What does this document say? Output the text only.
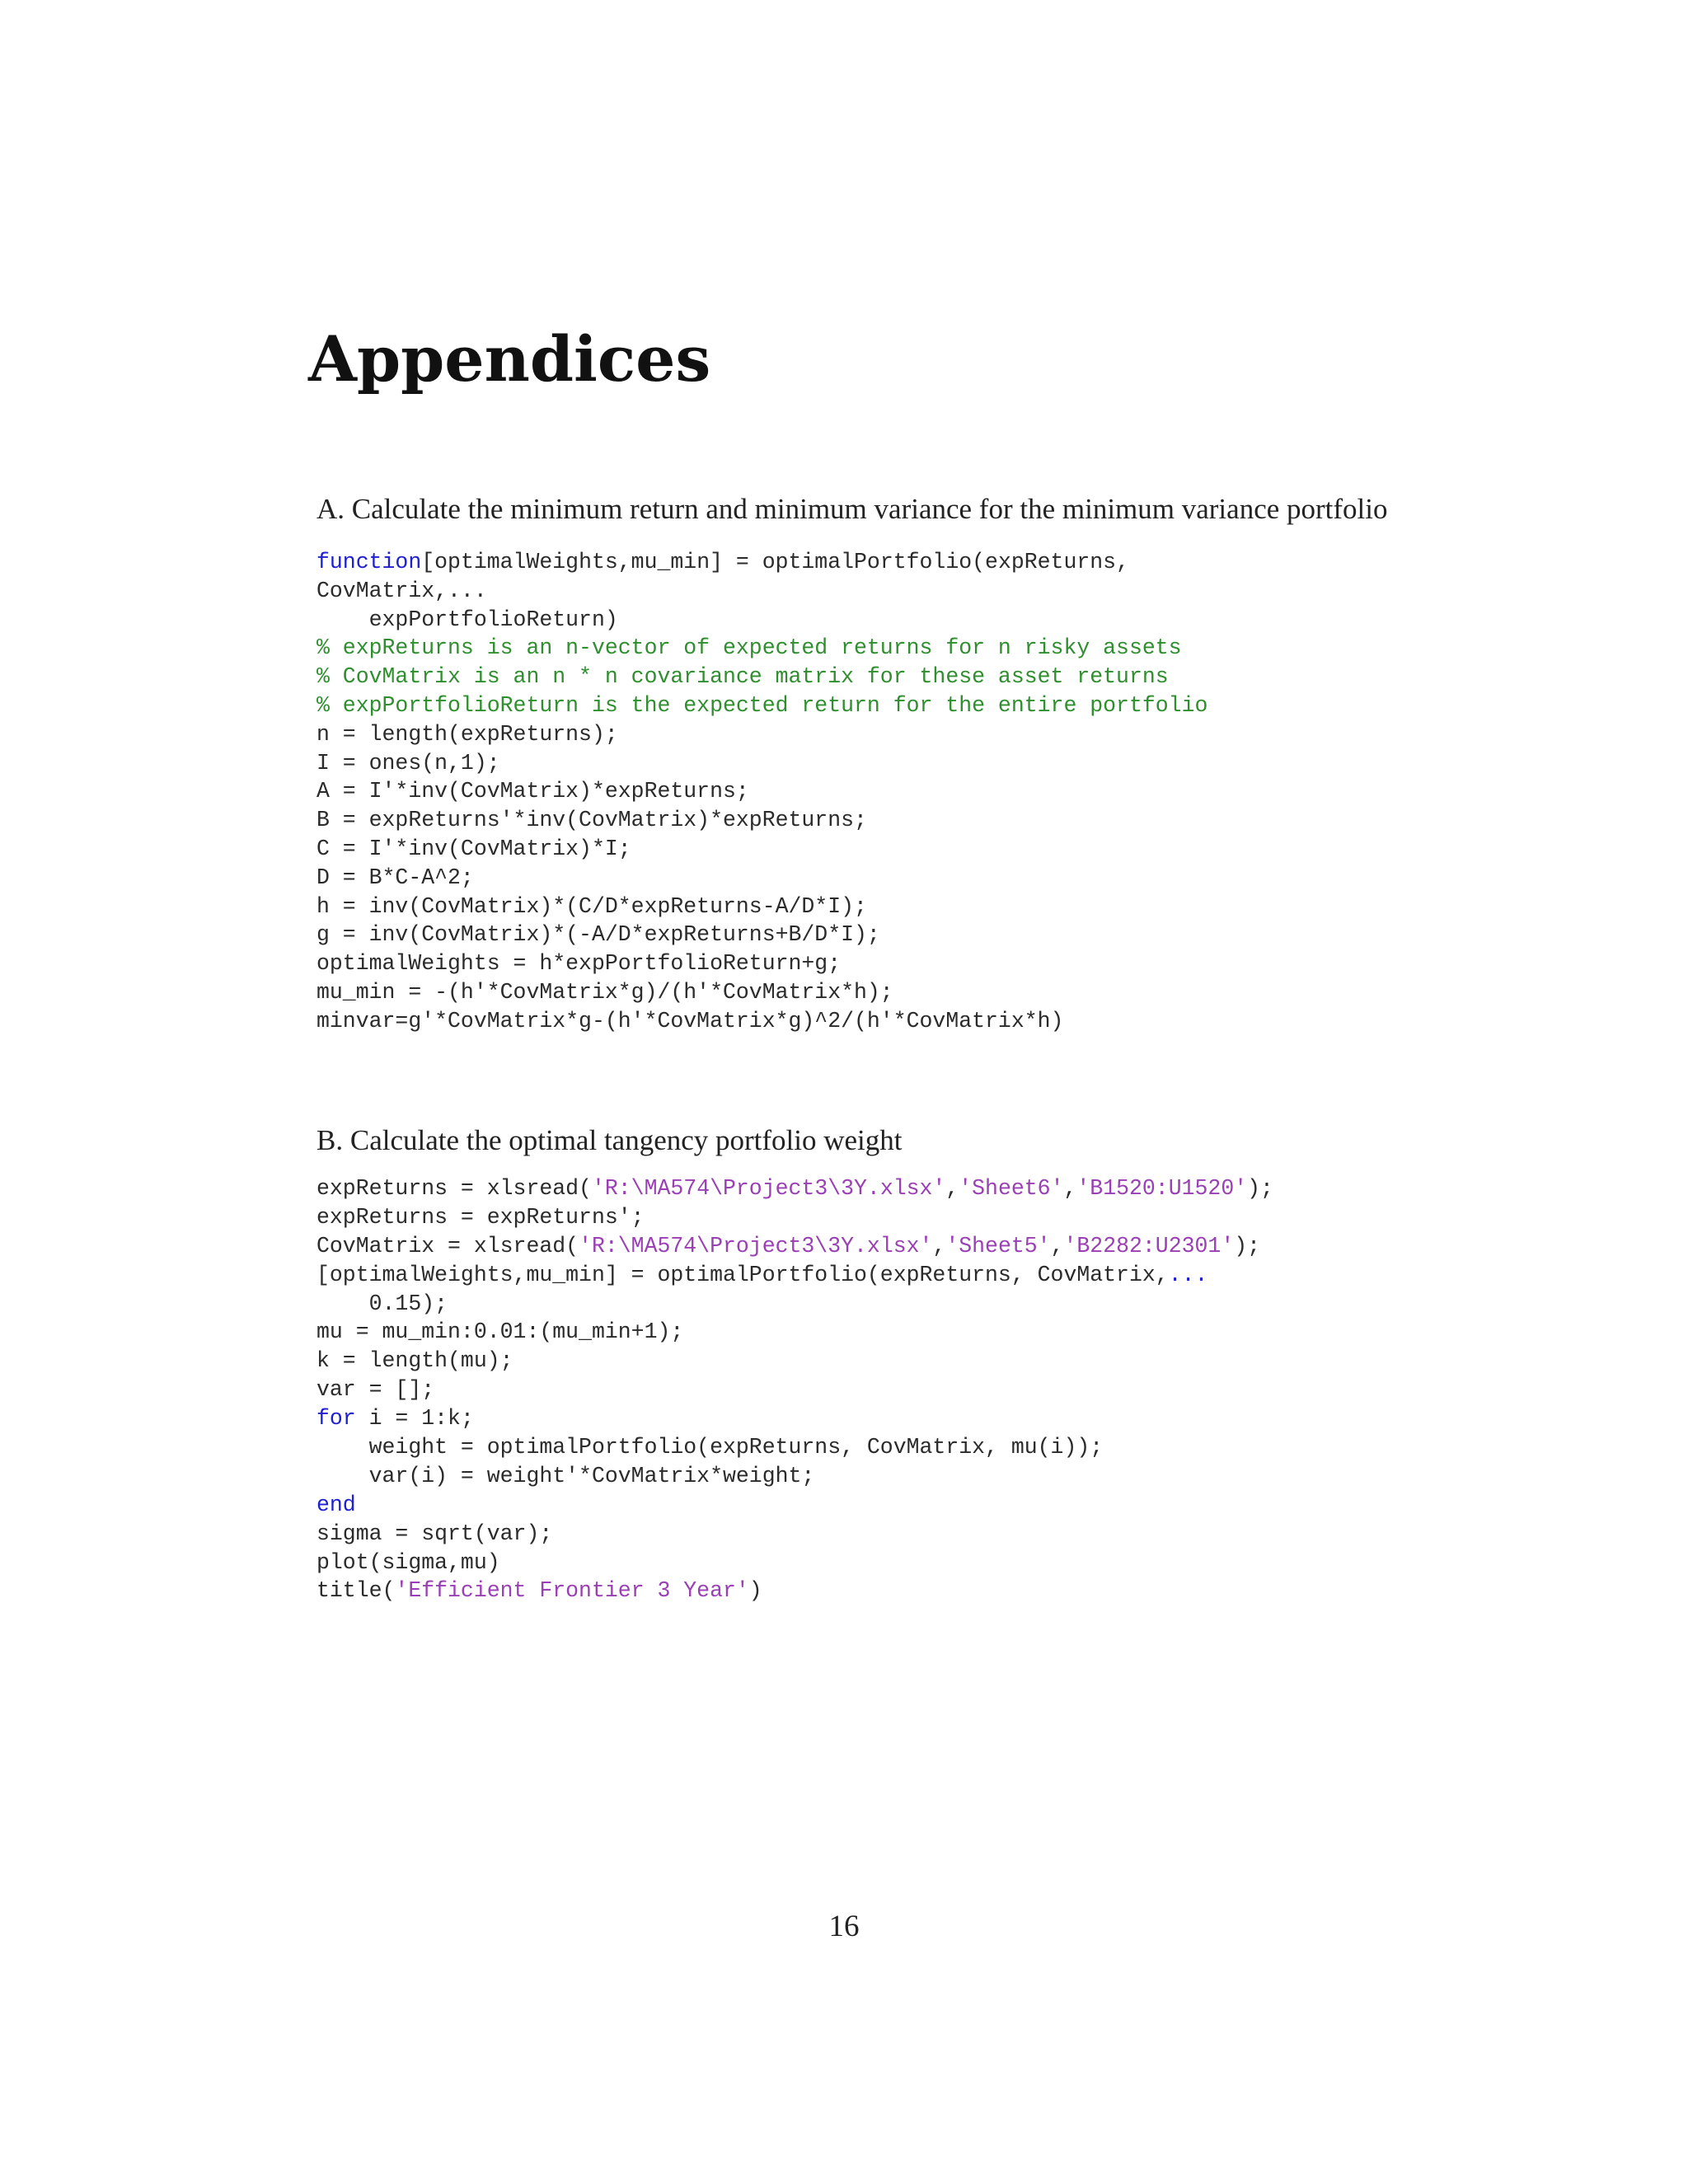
Appendices
A. Calculate the minimum return and minimum variance for the minimum variance portfolio
function[optimalWeights,mu_min] = optimalPortfolio(expReturns,
CovMatrix,...
expPortfolioReturn)
% expReturns is an n-vector of expected returns for n risky assets
% CovMatrix is an n * n covariance matrix for these asset returns
% expPortfolioReturn is the expected return for the entire portfolio
n = length(expReturns);
I = ones(n,1);
A = I'*inv(CovMatrix)*expReturns;
B = expReturns'*inv(CovMatrix)*expReturns;
C = I'*inv(CovMatrix)*I;
D = B*C-A^2;
h = inv(CovMatrix)*(C/D*expReturns-A/D*I);
g = inv(CovMatrix)*(-A/D*expReturns+B/D*I);
optimalWeights = h*expPortfolioReturn+g;
mu_min = -(h'*CovMatrix*g)/(h'*CovMatrix*h);
minvar=g'*CovMatrix*g-(h'*CovMatrix*g)^2/(h'*CovMatrix*h)
B. Calculate the optimal tangency portfolio weight
expReturns = xlsread('R:\MA574\Project3\3Y.xlsx','Sheet6','B1520:U1520');
expReturns = expReturns';
CovMatrix = xlsread('R:\MA574\Project3\3Y.xlsx','Sheet5','B2282:U2301');
[optimalWeights,mu_min] = optimalPortfolio(expReturns, CovMatrix,...
0.15);
mu = mu_min:0.01:(mu_min+1);
k = length(mu);
var = [];
for i = 1:k;
weight = optimalPortfolio(expReturns, CovMatrix, mu(i));
var(i) = weight'*CovMatrix*weight;
end
sigma = sqrt(var);
plot(sigma,mu)
title('Efficient Frontier 3 Year')
16
